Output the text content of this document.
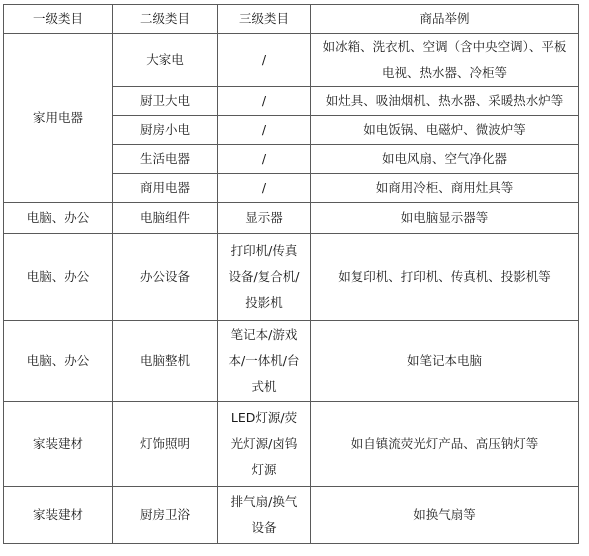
一级类目	二级类目	三级类目	商品举例
家用电器	大家电	/	如冰箱、洗衣机、空调（含中央空调）、平板
电视、热水器、冷柜等

	厨卫大电	/	如灶具、吸油烟机、热水器、采暖热水炉等
	厨房小电	/	如电饭锅、电磁炉、微波炉等
	生活电器	/	如电风扇、空气净化器
	商用电器	/	如商用冷柜、商用灶具等
电脑、办公	电脑组件	显示器	如电脑显示器等
电脑、办公	办公设备	打印机/传真
设备/复合机/
投影机	如复印机、打印机、传真机、投影机等
电脑、办公	电脑整机	笔记本/游戏
本/一体机/台
式机	如笔记本电脑
家装建材	灯饰照明	LED灯源/荧
光灯源/卤钨
灯源	如自镇流荧光灯产品、高压钠灯等
家装建材	厨房卫浴	排气扇/换气
设备	如换气扇等
